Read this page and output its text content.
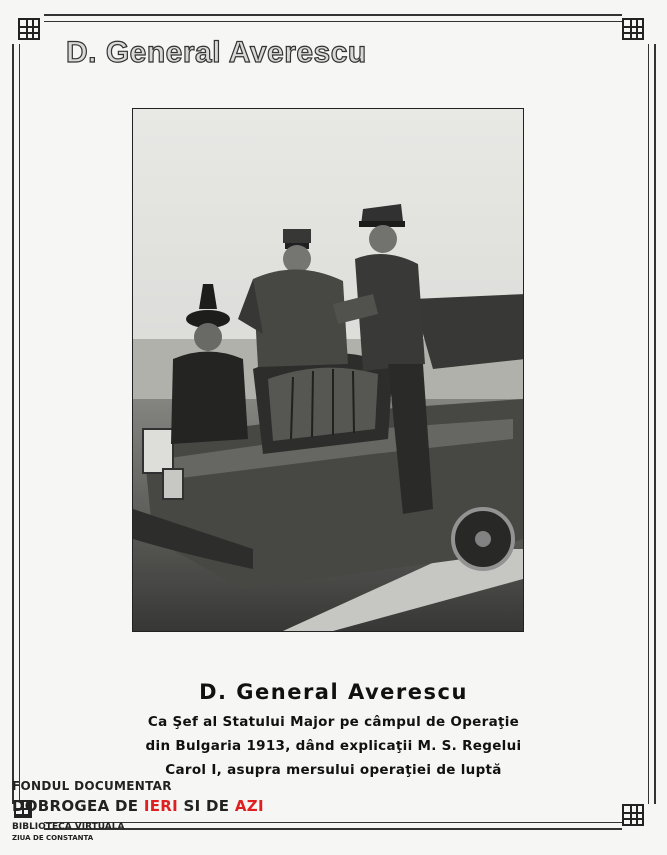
D. General Averescu
D. General Averescu
Ca Şef al Statului Major pe câmpul de Operaţie
din Bulgaria 1913, dând explicaţii M. S. Regelui
Carol I, asupra mersului operaţiei de luptă
FONDUL DOCUMENTAR
DOBROGEA DE IERI SI DE AZI
BIBLIOTECA VIRTUALA
ZIUA DE CONSTANTA
